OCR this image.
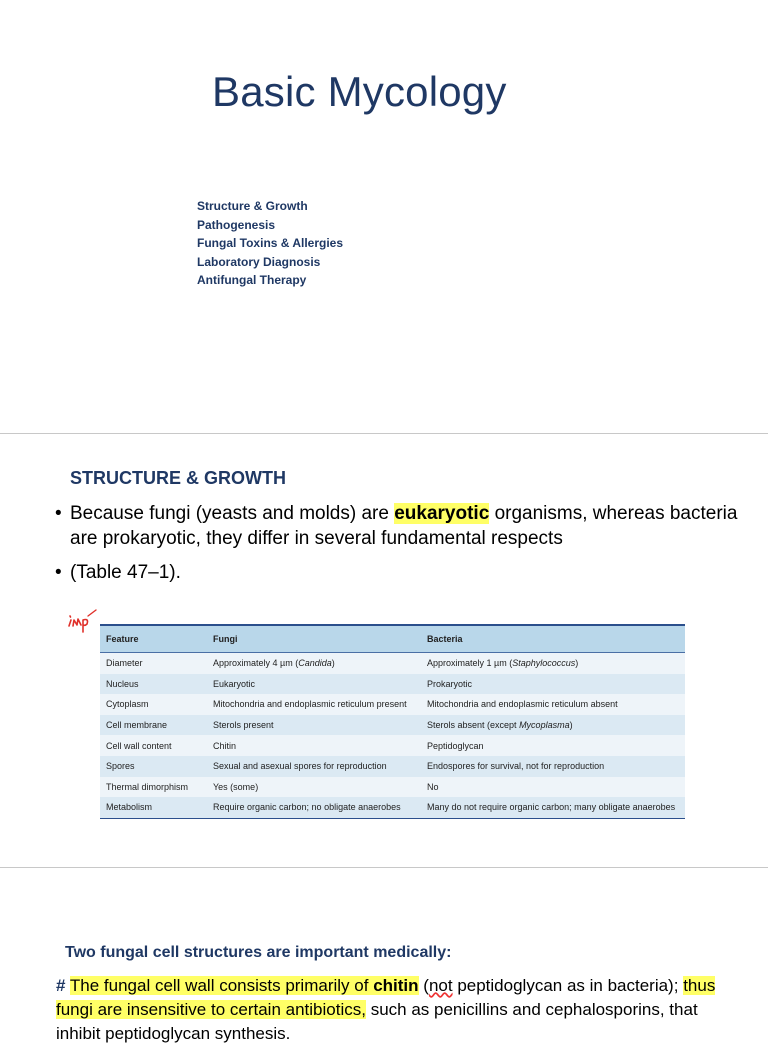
Basic Mycology
Structure & Growth
Pathogenesis
Fungal Toxins & Allergies
Laboratory Diagnosis
Antifungal Therapy
STRUCTURE & GROWTH
• Because fungi (yeasts and molds) are eukaryotic organisms, whereas bacteria are prokaryotic, they differ in several fundamental respects
• (Table 47–1).
Feature	Fungi	Bacteria
Diameter	Approximately 4 µm (Candida)	Approximately 1 µm (Staphylococcus)
Nucleus	Eukaryotic	Prokaryotic
Cytoplasm	Mitochondria and endoplasmic reticulum present	Mitochondria and endoplasmic reticulum absent
Cell membrane	Sterols present	Sterols absent (except Mycoplasma)
Cell wall content	Chitin	Peptidoglycan
Spores	Sexual and asexual spores for reproduction	Endospores for survival, not for reproduction
Thermal dimorphism	Yes (some)	No
Metabolism	Require organic carbon; no obligate anaerobes	Many do not require organic carbon; many obligate anaerobes
Two fungal cell structures are important medically:
# The fungal cell wall consists primarily of chitin (not peptidoglycan as in bacteria); thus fungi are insensitive to certain antibiotics, such as penicillins and cephalosporins, that inhibit peptidoglycan synthesis.
